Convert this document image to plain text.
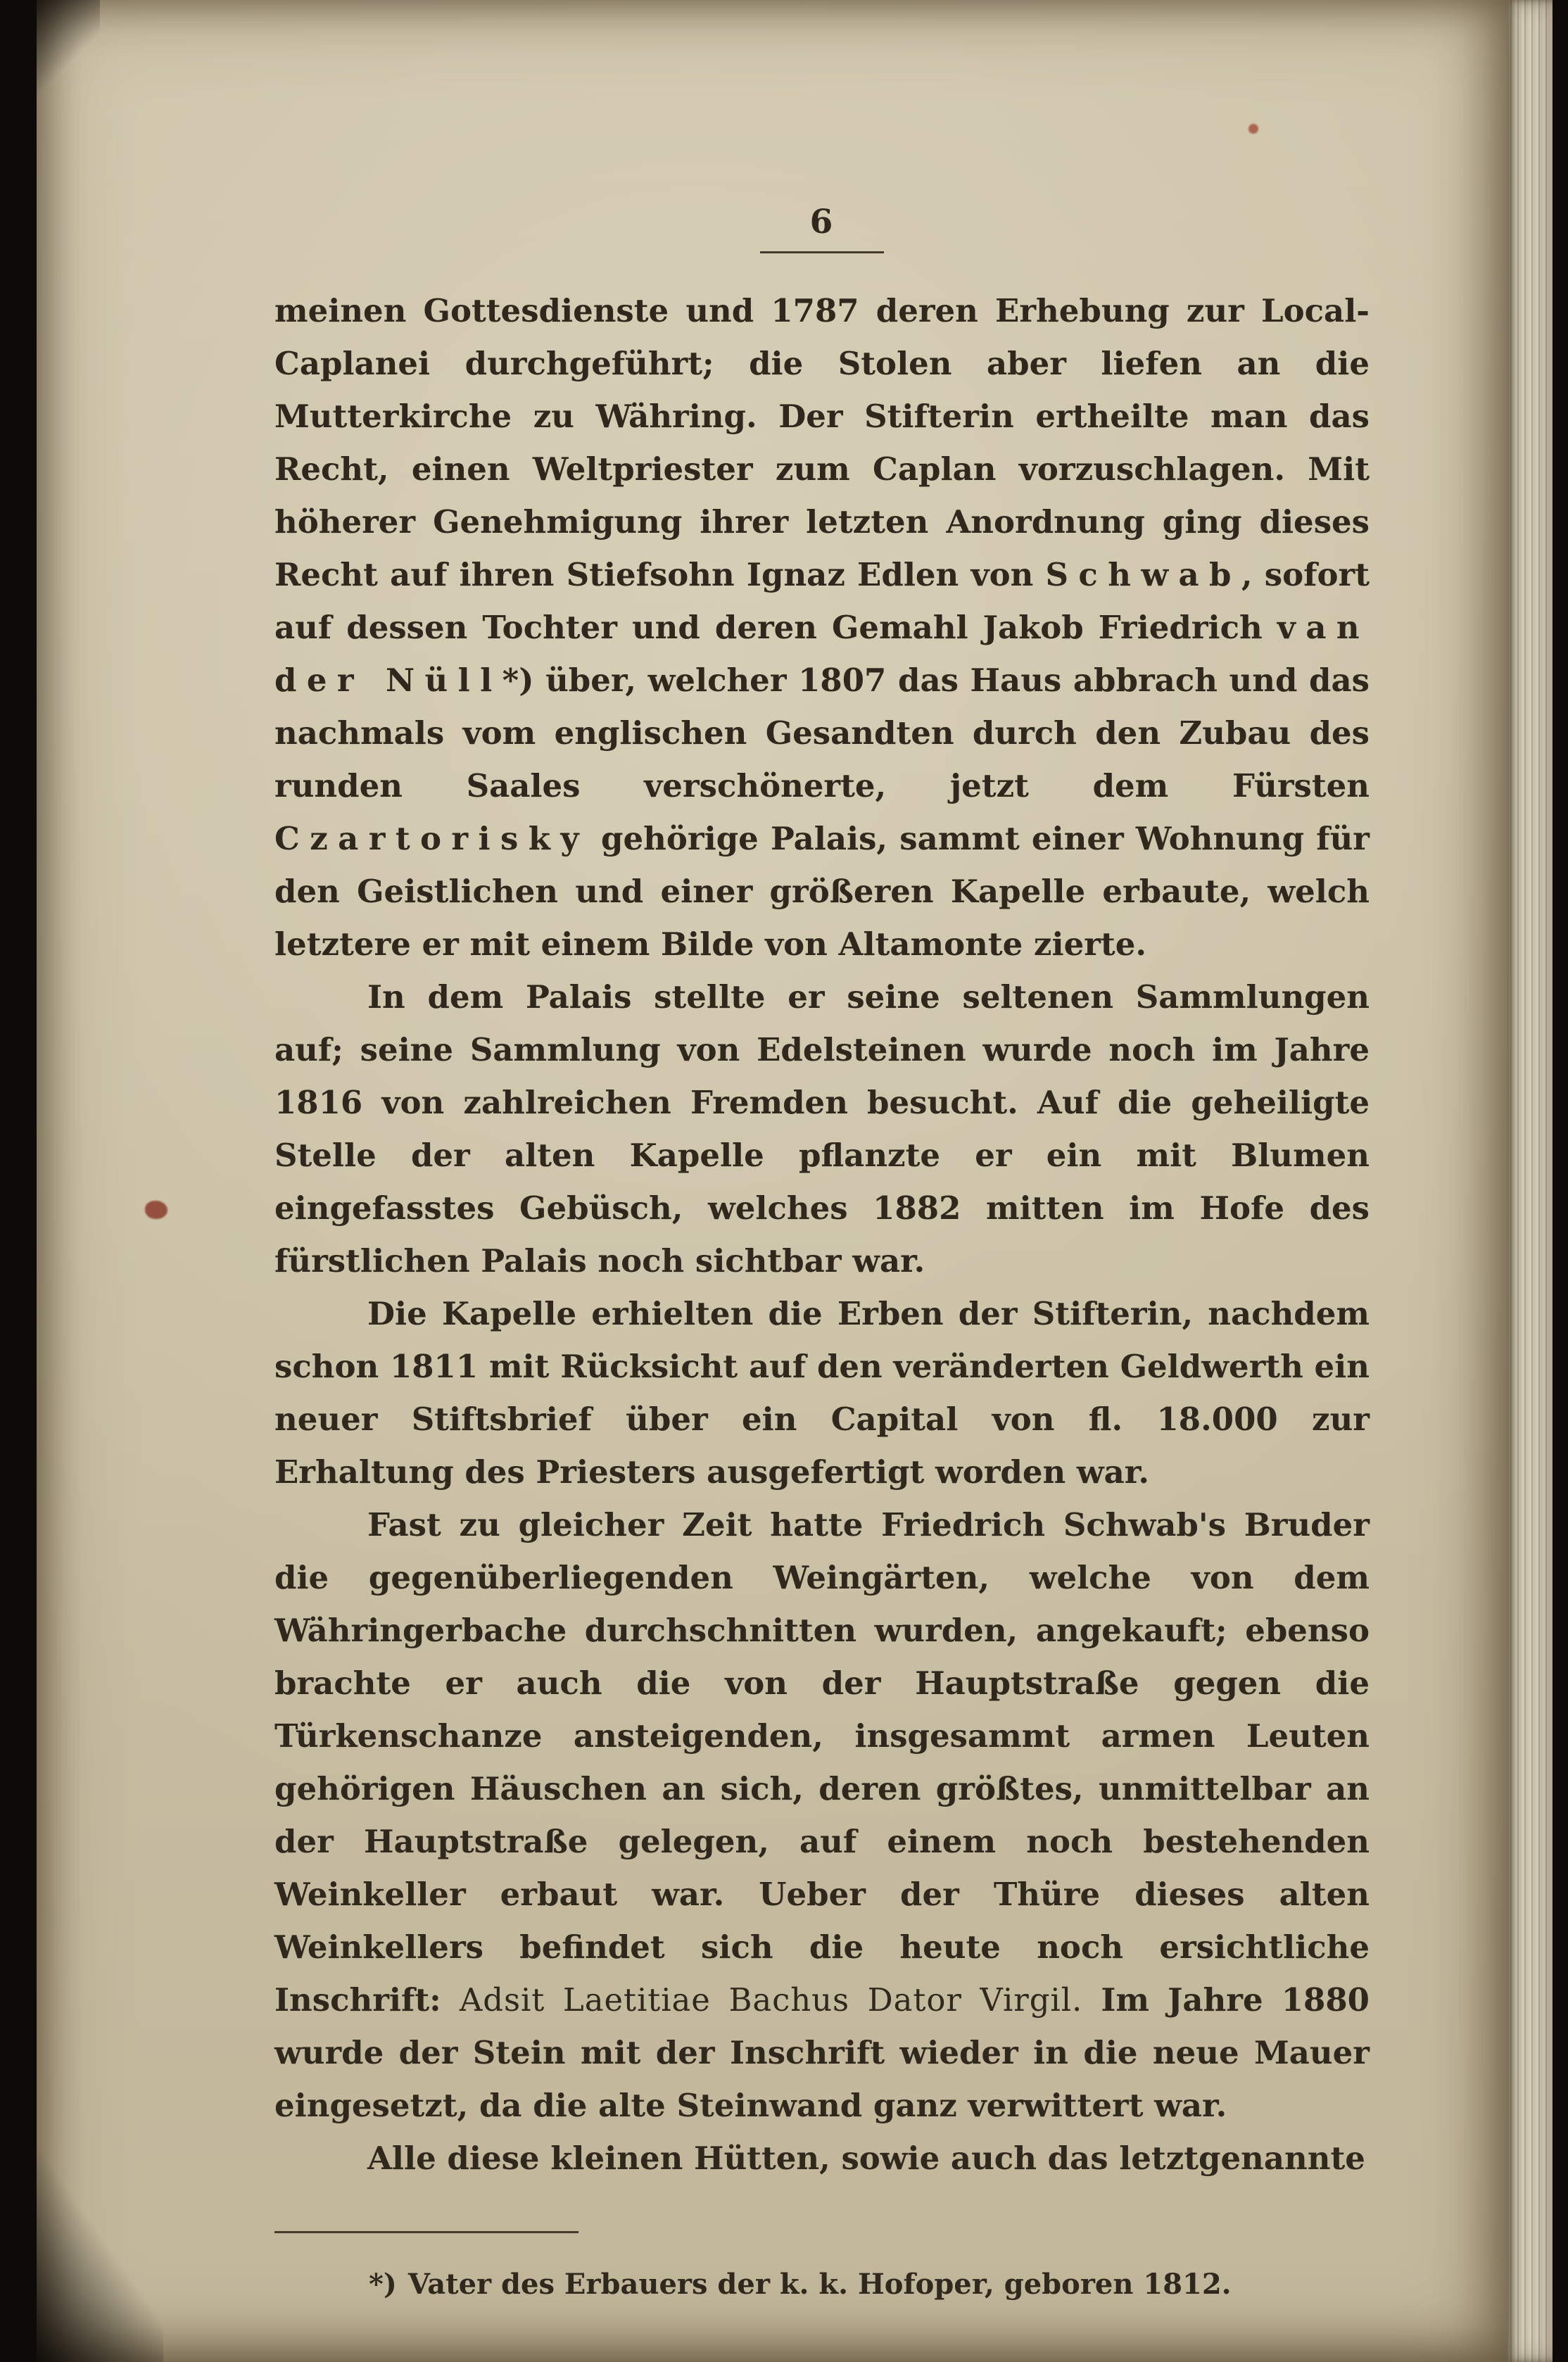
6

meinen Gottesdienste und 1787 deren Erhebung zur Local-Caplanei durchgeführt; die Stolen aber liefen an die Mutterkirche zu Währing. Der Stifterin ertheilte man das Recht, einen Weltpriester zum Caplan vorzuschlagen. Mit höherer Genehmigung ihrer letzten Anordnung ging dieses Recht auf ihren Stiefsohn Ignaz Edlen von Schwab, sofort auf dessen Tochter und deren Gemahl Jakob Friedrich van der Nüll*) über, welcher 1807 das Haus abbrach und das nachmals vom englischen Gesandten durch den Zubau des runden Saales verschönerte, jetzt dem Fürsten Czartorisky gehörige Palais, sammt einer Wohnung für den Geistlichen und einer größeren Kapelle erbaute, welch letztere er mit einem Bilde von Altamonte zierte.

In dem Palais stellte er seine seltenen Sammlungen auf; seine Sammlung von Edelsteinen wurde noch im Jahre 1816 von zahlreichen Fremden besucht. Auf die geheiligte Stelle der alten Kapelle pflanzte er ein mit Blumen eingefasstes Gebüsch, welches 1882 mitten im Hofe des fürstlichen Palais noch sichtbar war.

Die Kapelle erhielten die Erben der Stifterin, nachdem schon 1811 mit Rücksicht auf den veränderten Geldwerth ein neuer Stiftsbrief über ein Capital von fl. 18.000 zur Erhaltung des Priesters ausgefertigt worden war.

Fast zu gleicher Zeit hatte Friedrich Schwab's Bruder die gegenüberliegenden Weingärten, welche von dem Währingerbache durchschnitten wurden, angekauft; ebenso brachte er auch die von der Hauptstraße gegen die Türkenschanze ansteigenden, insgesammt armen Leuten gehörigen Häuschen an sich, deren größtes, unmittelbar an der Hauptstraße gelegen, auf einem noch bestehenden Weinkeller erbaut war. Ueber der Thüre dieses alten Weinkellers befindet sich die heute noch ersichtliche Inschrift: Adsit Laetitiae Bachus Dator Virgil. Im Jahre 1880 wurde der Stein mit der Inschrift wieder in die neue Mauer eingesetzt, da die alte Steinwand ganz verwittert war.

Alle diese kleinen Hütten, sowie auch das letztgenannte

*) Vater des Erbauers der k. k. Hofoper, geboren 1812.
